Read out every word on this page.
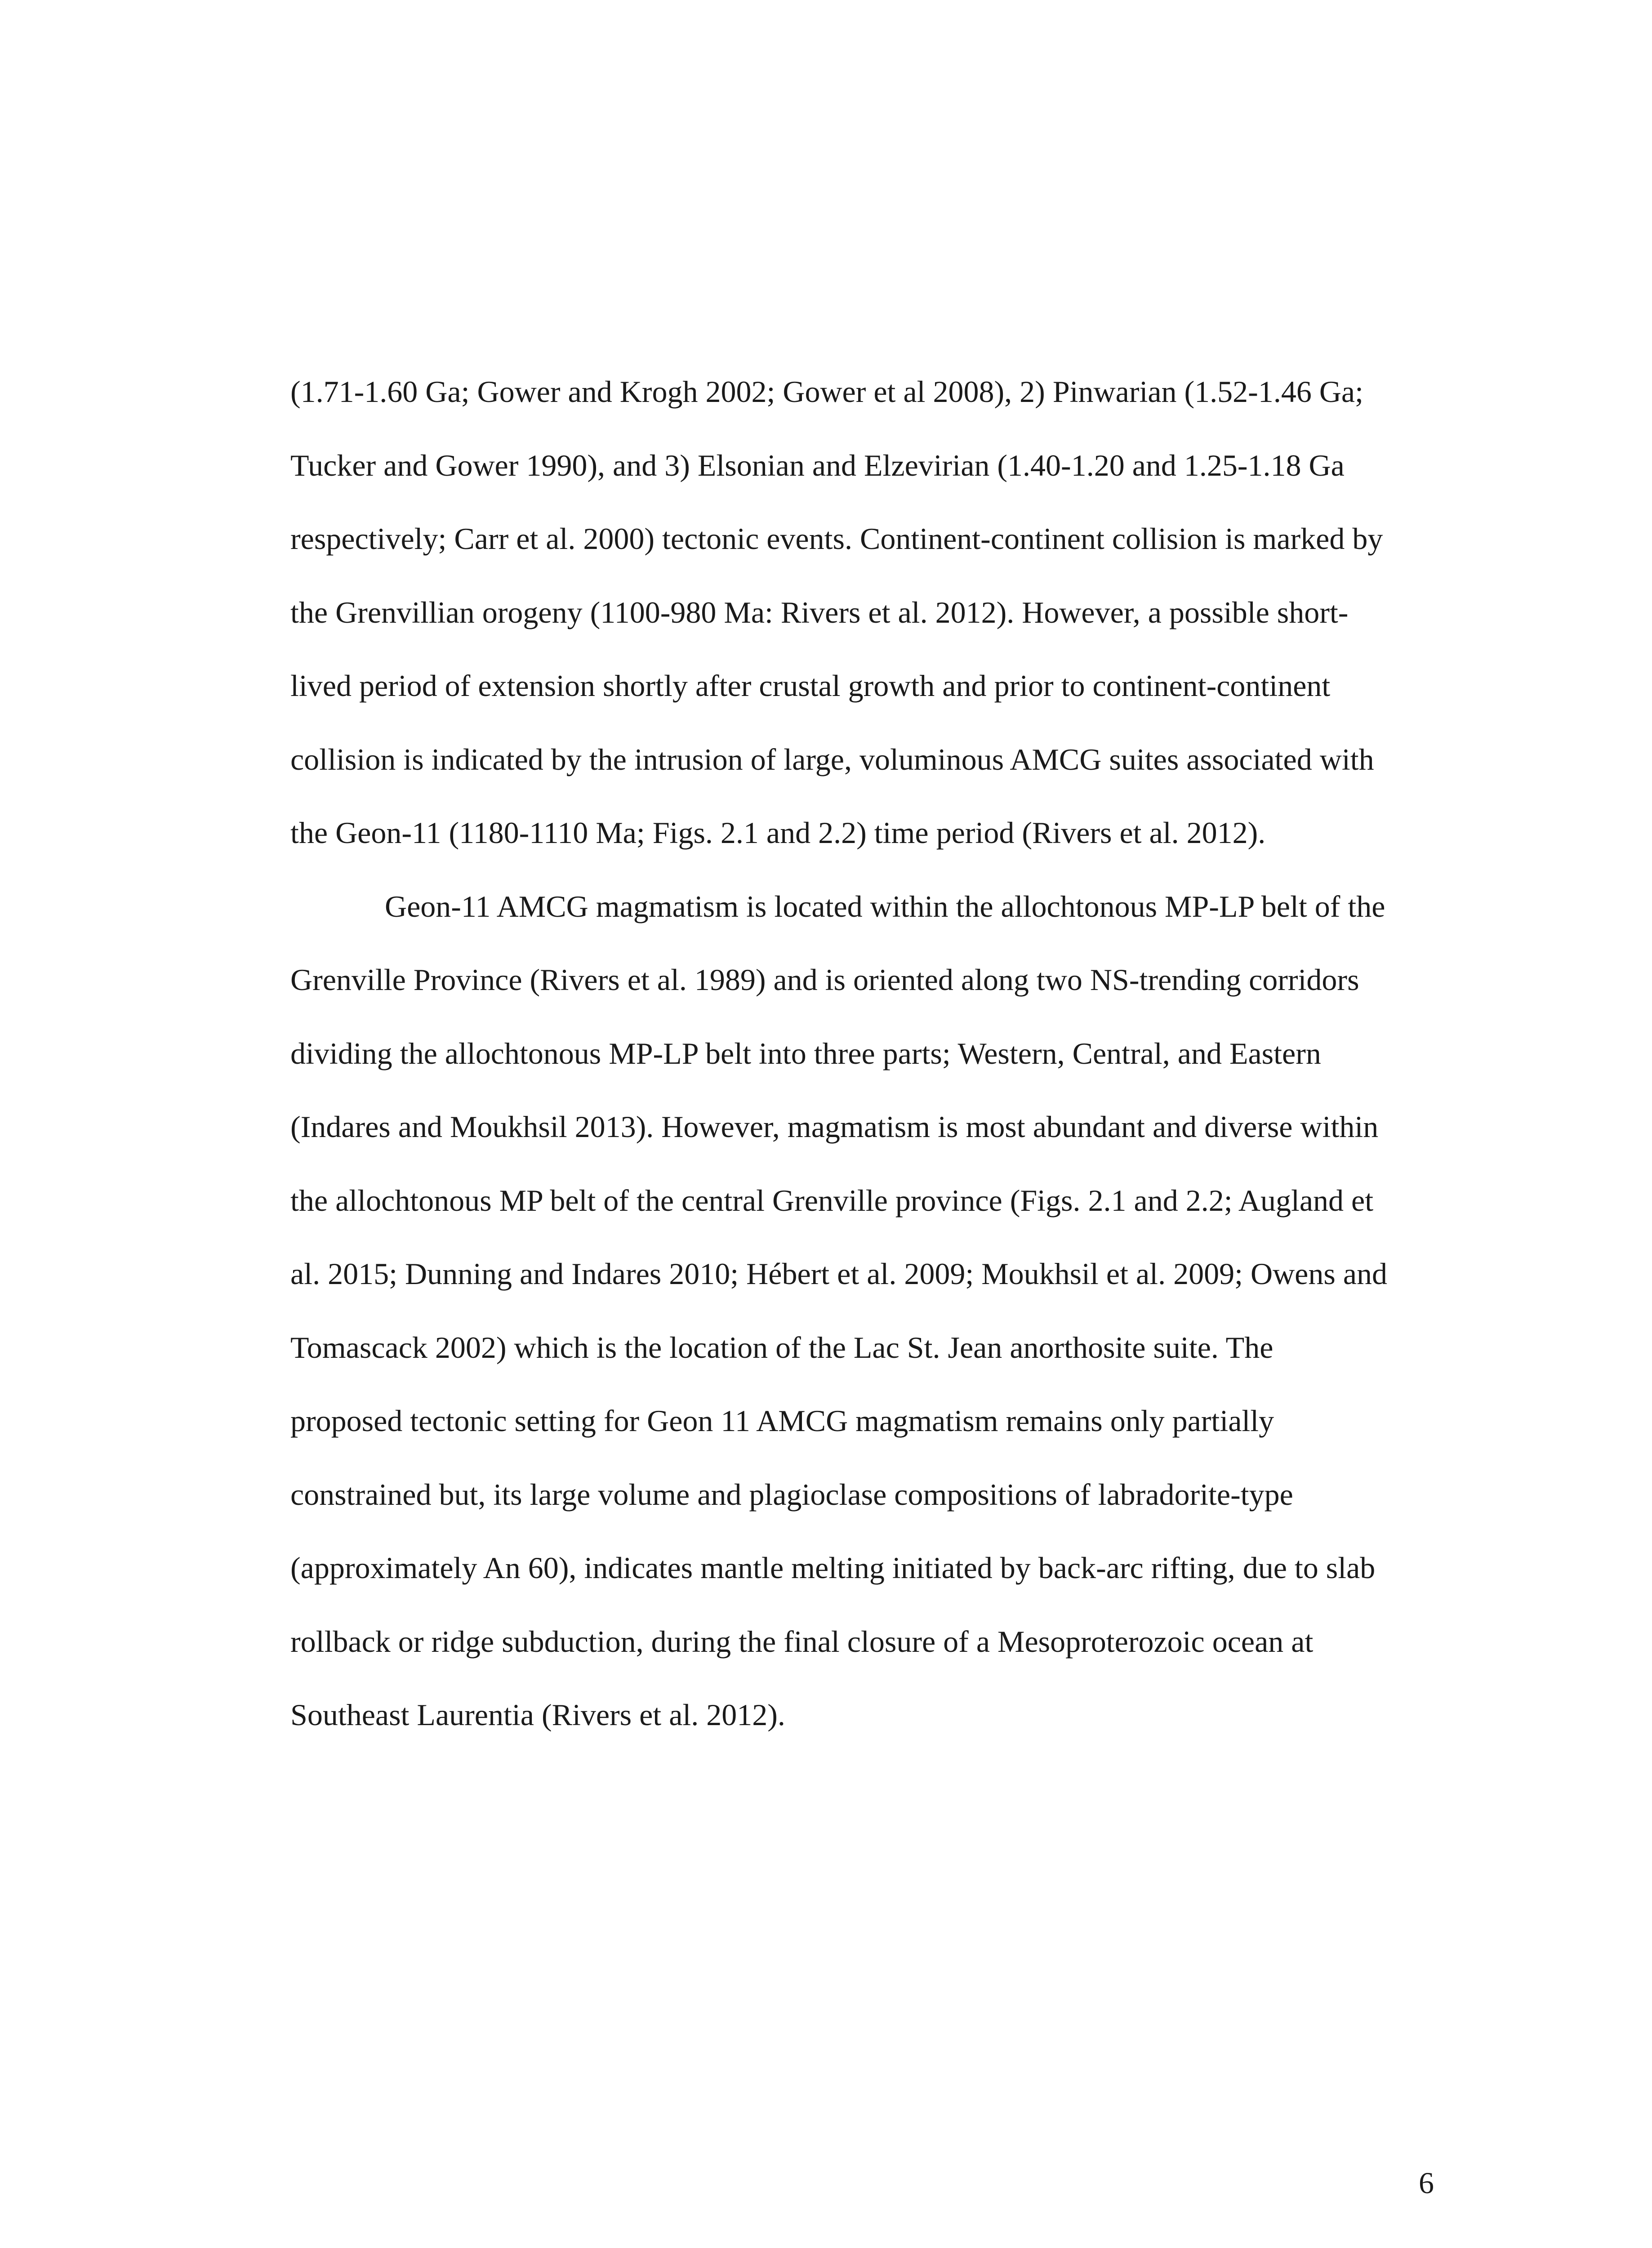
(1.71-1.60 Ga; Gower and Krogh 2002; Gower et al 2008), 2) Pinwarian (1.52-1.46 Ga;
Tucker and Gower 1990), and 3) Elsonian and Elzevirian (1.40-1.20 and 1.25-1.18 Ga
respectively; Carr et al. 2000) tectonic events. Continent-continent collision is marked by
the Grenvillian orogeny (1100-980 Ma: Rivers et al. 2012). However, a possible short-
lived period of extension shortly after crustal growth and prior to continent-continent
collision is indicated by the intrusion of large, voluminous AMCG suites associated with
the Geon-11 (1180-1110 Ma; Figs. 2.1 and 2.2) time period (Rivers et al. 2012).
Geon-11 AMCG magmatism is located within the allochtonous MP-LP belt of the
Grenville Province (Rivers et al. 1989) and is oriented along two NS-trending corridors
dividing the allochtonous MP-LP belt into three parts; Western, Central, and Eastern
(Indares and Moukhsil 2013). However, magmatism is most abundant and diverse within
the allochtonous MP belt of the central Grenville province (Figs. 2.1 and 2.2; Augland et
al. 2015; Dunning and Indares 2010; Hébert et al. 2009; Moukhsil et al. 2009; Owens and
Tomascack 2002) which is the location of the Lac St. Jean anorthosite suite. The
proposed tectonic setting for Geon 11 AMCG magmatism remains only partially
constrained but, its large volume and plagioclase compositions of labradorite-type
(approximately An 60), indicates mantle melting initiated by back-arc rifting, due to slab
rollback or ridge subduction, during the final closure of a Mesoproterozoic ocean at
Southeast Laurentia (Rivers et al. 2012).
6
